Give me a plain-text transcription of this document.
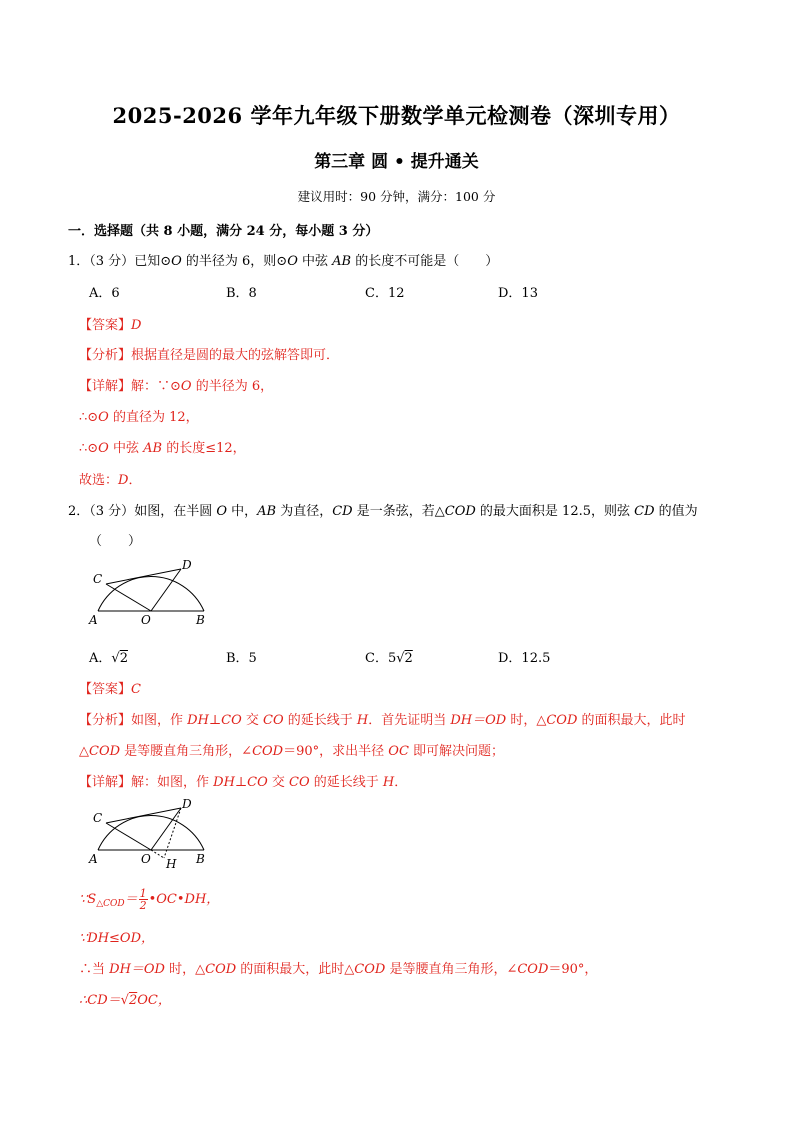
2025-2026 学年九年级下册数学单元检测卷（深圳专用）
第三章 圆 • 提升通关
建议用时：90 分钟，满分：100 分
一．选择题（共 8 小题，满分 24 分，每小题 3 分）
1．（3 分）已知⊙O 的半径为 6，则⊙O 中弦 AB 的长度不可能是（　　）
A．6	B．8	C．12	D．13
【答案】D
【分析】根据直径是圆的最大的弦解答即可．
【详解】解：∵⊙O 的半径为 6，
∴⊙O 的直径为 12，
∴⊙O 中弦 AB 的长度≤12，
故选：D．
2．（3 分）如图，在半圆 O 中，AB 为直径，CD 是一条弦，若△COD 的最大面积是 12.5，则弦 CD 的值为
（　　）
C
D
A	O	B
A．√2	B．5	C．5√2	D．12.5
【答案】C
【分析】如图，作 DH⊥CO 交 CO 的延长线于 H．首先证明当 DH＝OD 时，△COD 的面积最大，此时
△COD 是等腰直角三角形，∠COD＝90°，求出半径 OC 即可解决问题；
【详解】解：如图，作 DH⊥CO 交 CO 的延长线于 H．
C
D
A	O	B
H
$\because S_{\triangle COD}= \frac{1}{2}$ •OC•DH，
∵DH≤OD，
∴当 DH＝OD 时，△COD 的面积最大，此时△COD 是等腰直角三角形，∠COD＝90°，
∴CD＝√2OC，
